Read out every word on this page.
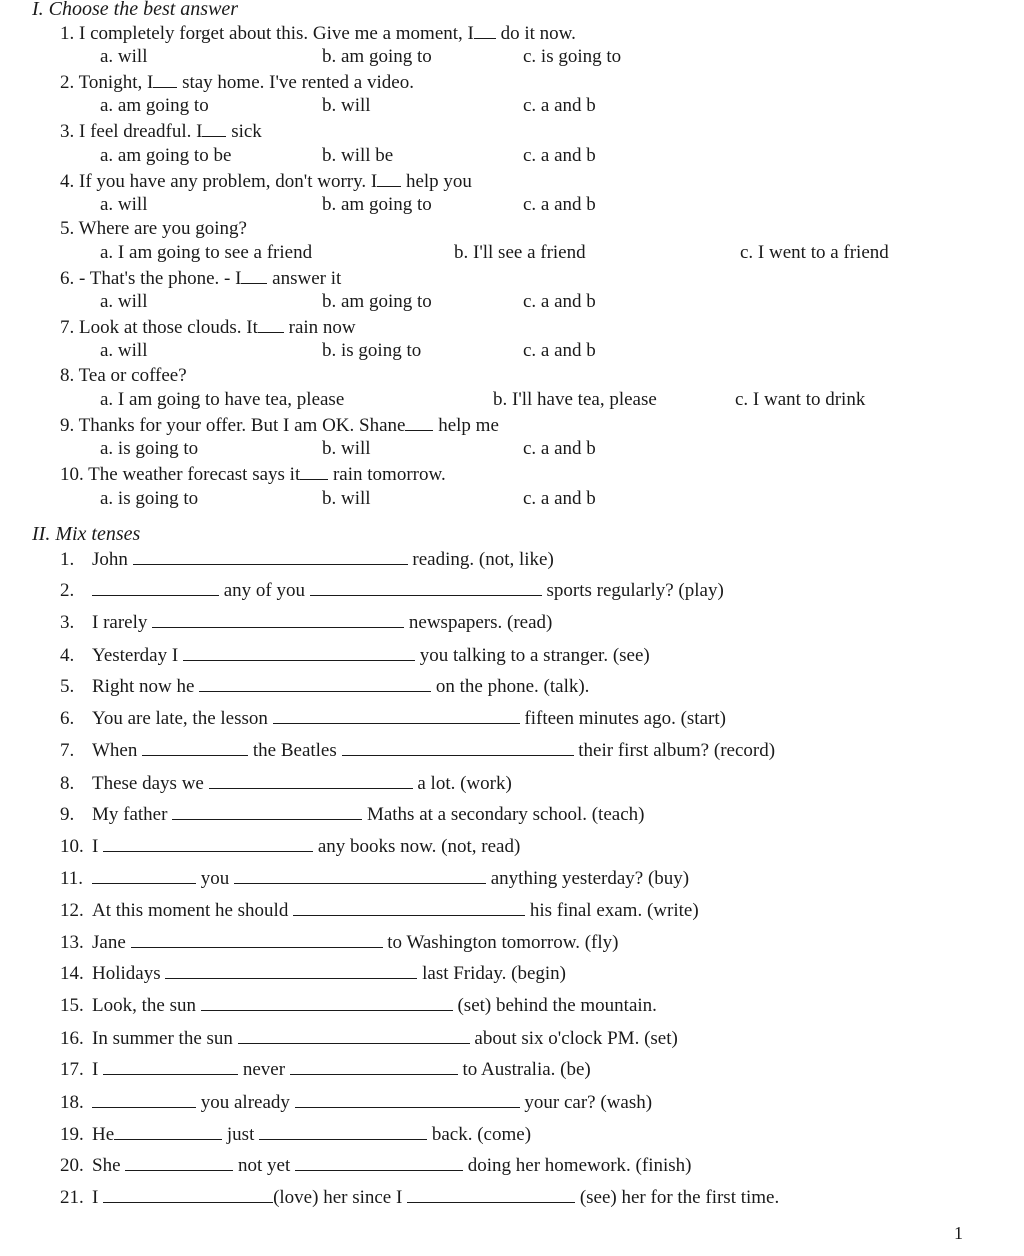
I. Choose the best answer
1. I completely forget about this. Give me a moment, I do it now.
a. will	b. am going to	c. is going to
2. Tonight, I stay home. I've rented a video.
a. am going to	b. will	c. a and b
3. I feel dreadful. I sick
a. am going to be	b. will be	c. a and b
4. If you have any problem, don't worry. I help you
a. will	b. am going to	c. a and b
5. Where are you going?
a. I am going to see a friend	b. I'll see a friend	c. I went to a friend
6. - That's the phone. - I answer it
a. will	b. am going to	c. a and b
7. Look at those clouds. It rain now
a. will	b. is going to	c. a and b
8. Tea or coffee?
a. I am going to have tea, please	b. I'll have tea, please	c. I want to drink
9. Thanks for your offer. But I am OK. Shane help me
a. is going to	b. will	c. a and b
10. The weather forecast says it rain tomorrow.
a. is going to	b. will	c. a and b
II. Mix tenses
1. John	reading. (not, like)
2.	any of you	sports regularly? (play)
3. I rarely	newspapers. (read)
4. Yesterday I	you talking to a stranger. (see)
5. Right now he	on the phone. (talk).
6. You are late, the lesson	fifteen minutes ago. (start)
7. When	the Beatles	their first album? (record)
8. These days we	a lot. (work)
9. My father	Maths at a secondary school. (teach)
10. I	any books now. (not, read)
11.	you	anything yesterday? (buy)
12. At this moment he should	his final exam. (write)
13. Jane	to Washington tomorrow. (fly)
14. Holidays	last Friday. (begin)
15. Look, the sun	(set) behind the mountain.
16. In summer the sun	about six o'clock PM. (set)
17. I	never	to Australia. (be)
18.	you already	your car? (wash)
19. He	just	back. (come)
20. She	not yet	doing her homework. (finish)
21. I	(love) her since I	(see) her for the first time.
1
